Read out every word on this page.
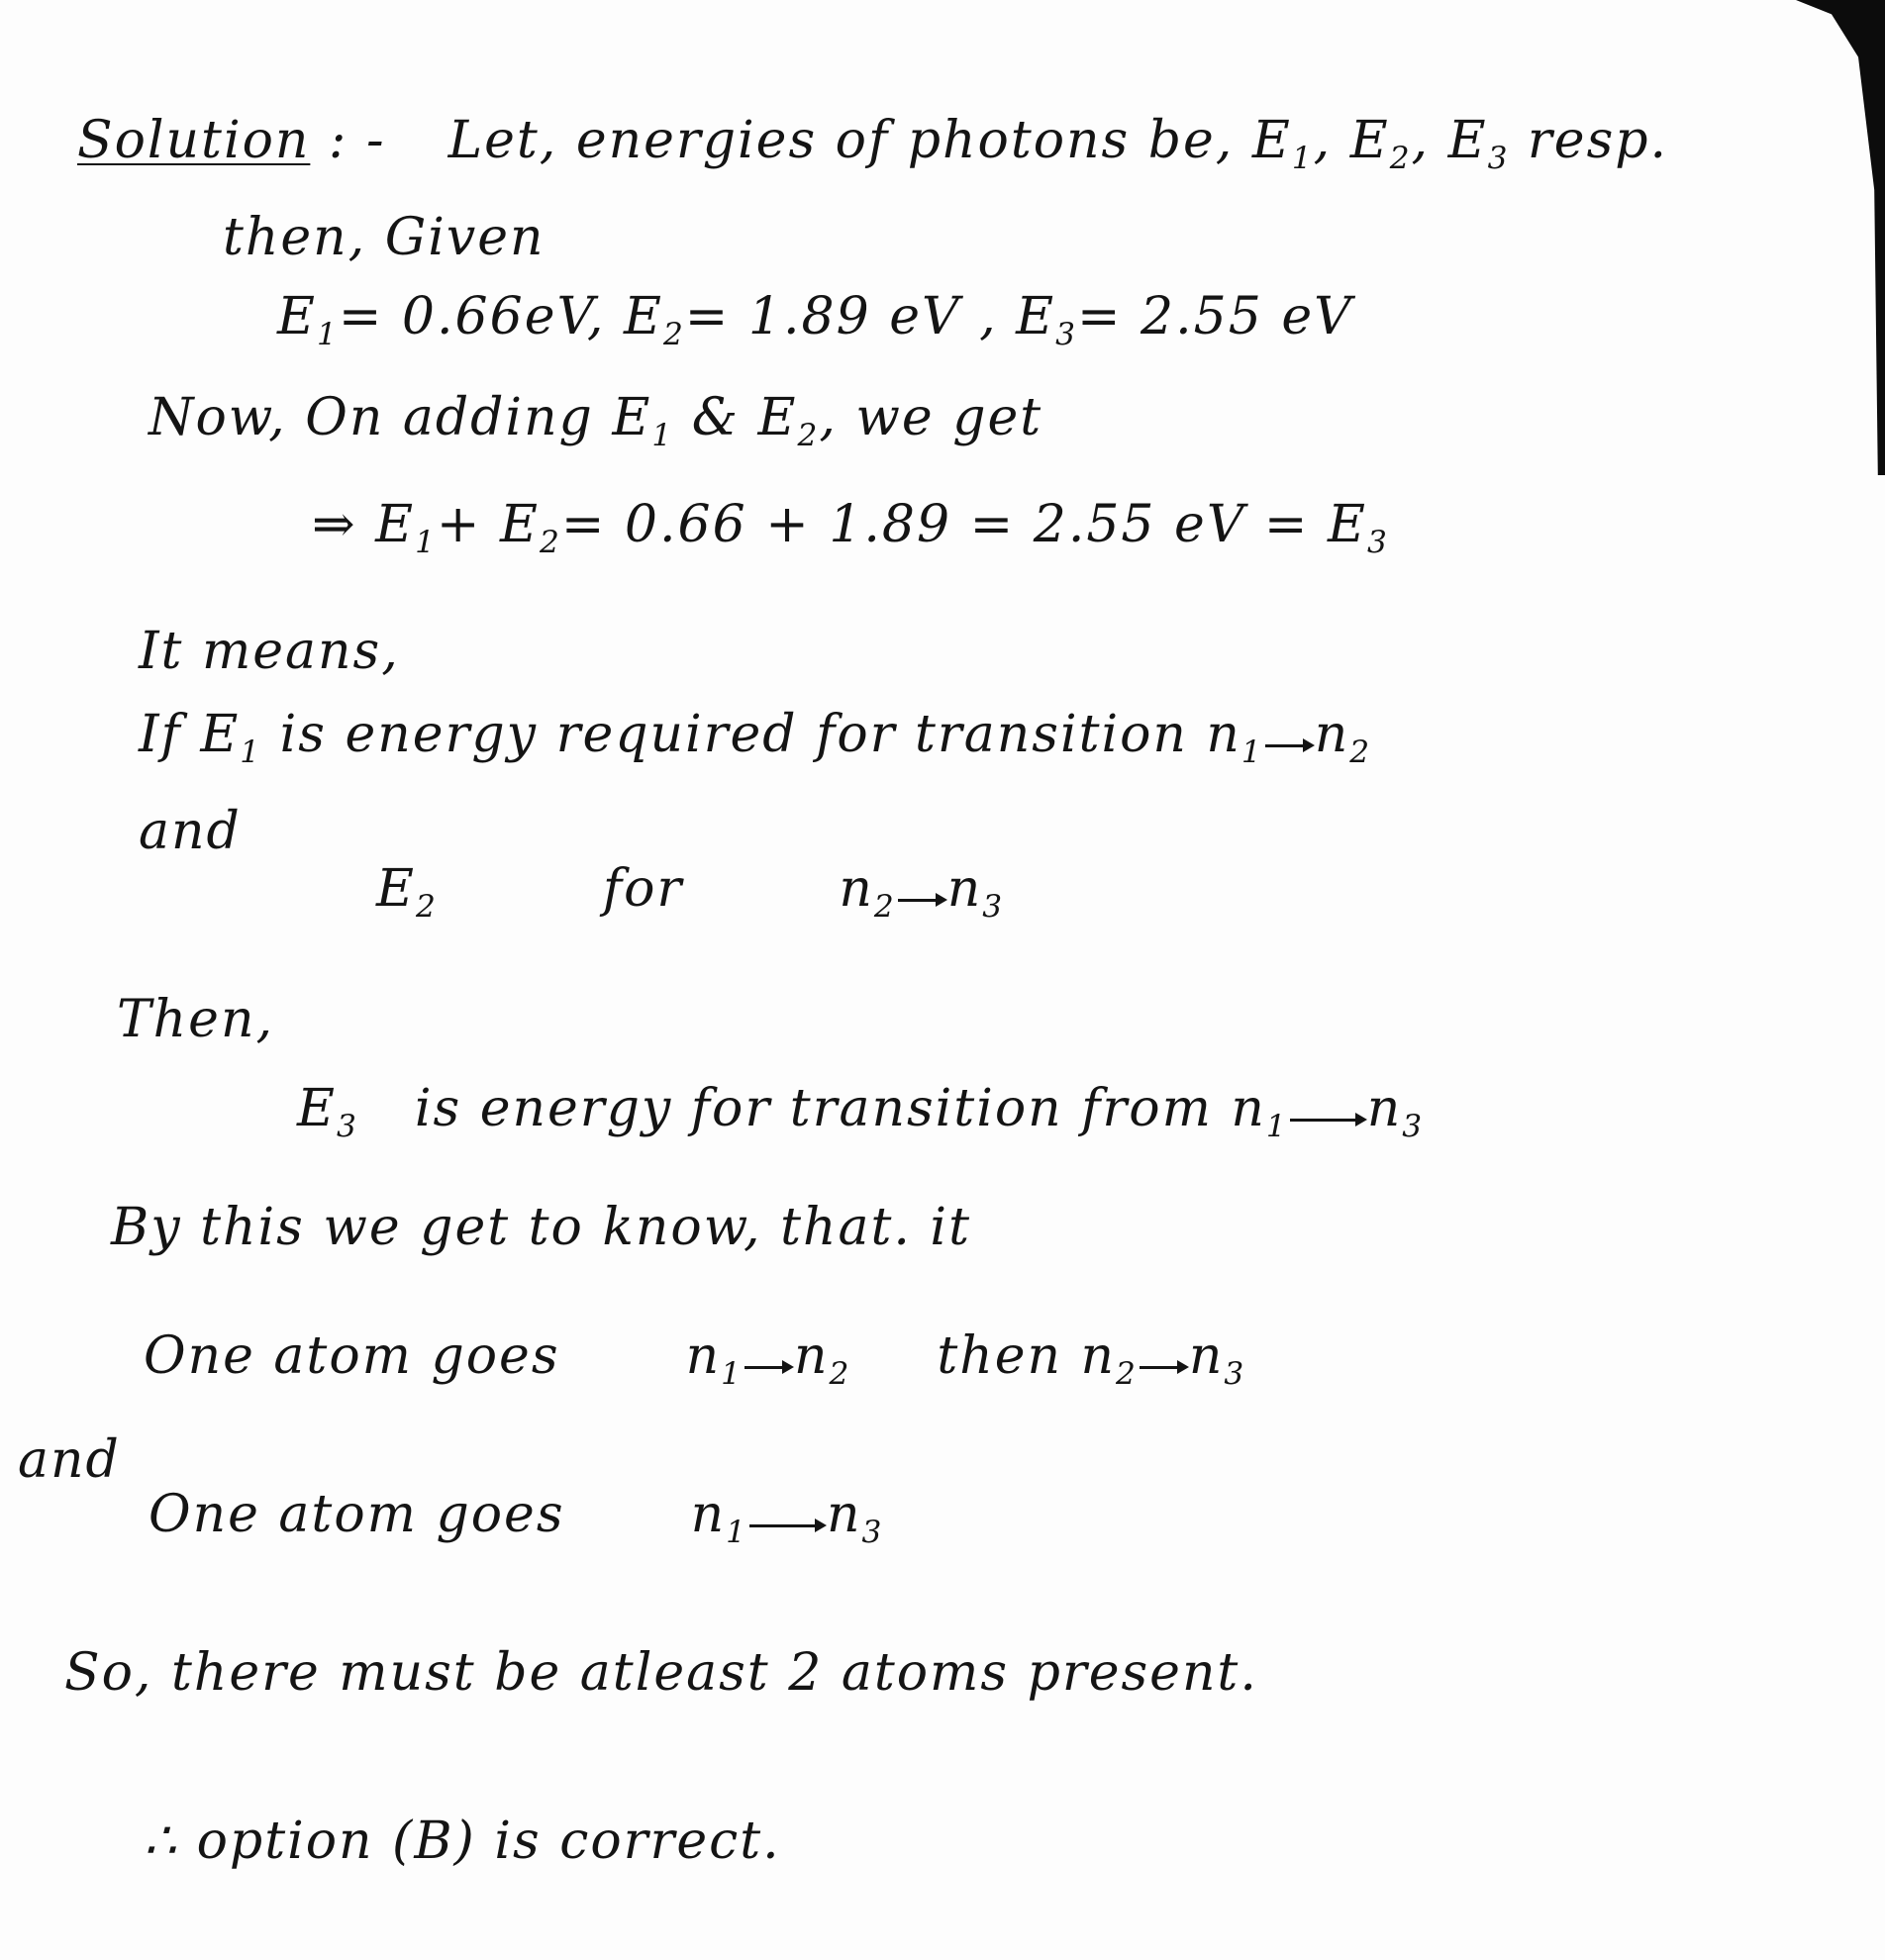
Solution : - Let, energies of photons be, $E_1$, $E_2$, $E_3$ resp.
then, Given
$E_1= 0.66eV$, $E_2= 1.89$ eV , $E_3= 2.55$ eV
Now, On adding $E_1$ & $E_2$, we get
⇒ $E_1+ E_2= 0.66 + 1.89 = 2.55$ eV = $E_3$
It means,
If $E_1$ is energy required for transition $n_1$ $n_2$
and
$E_2$	for	$n_2$ $n_3$
Then,
$E_3$ is energy for transition from $n_1$ $n_3$
By this we get to know, that. it
One atom goes $n_1$ $n_2$ then $n_2$ $n_3$
and
One atom goes $n_1$ $n_3$
So, there must be atleast 2 atoms present.
∴ option (B) is correct.
